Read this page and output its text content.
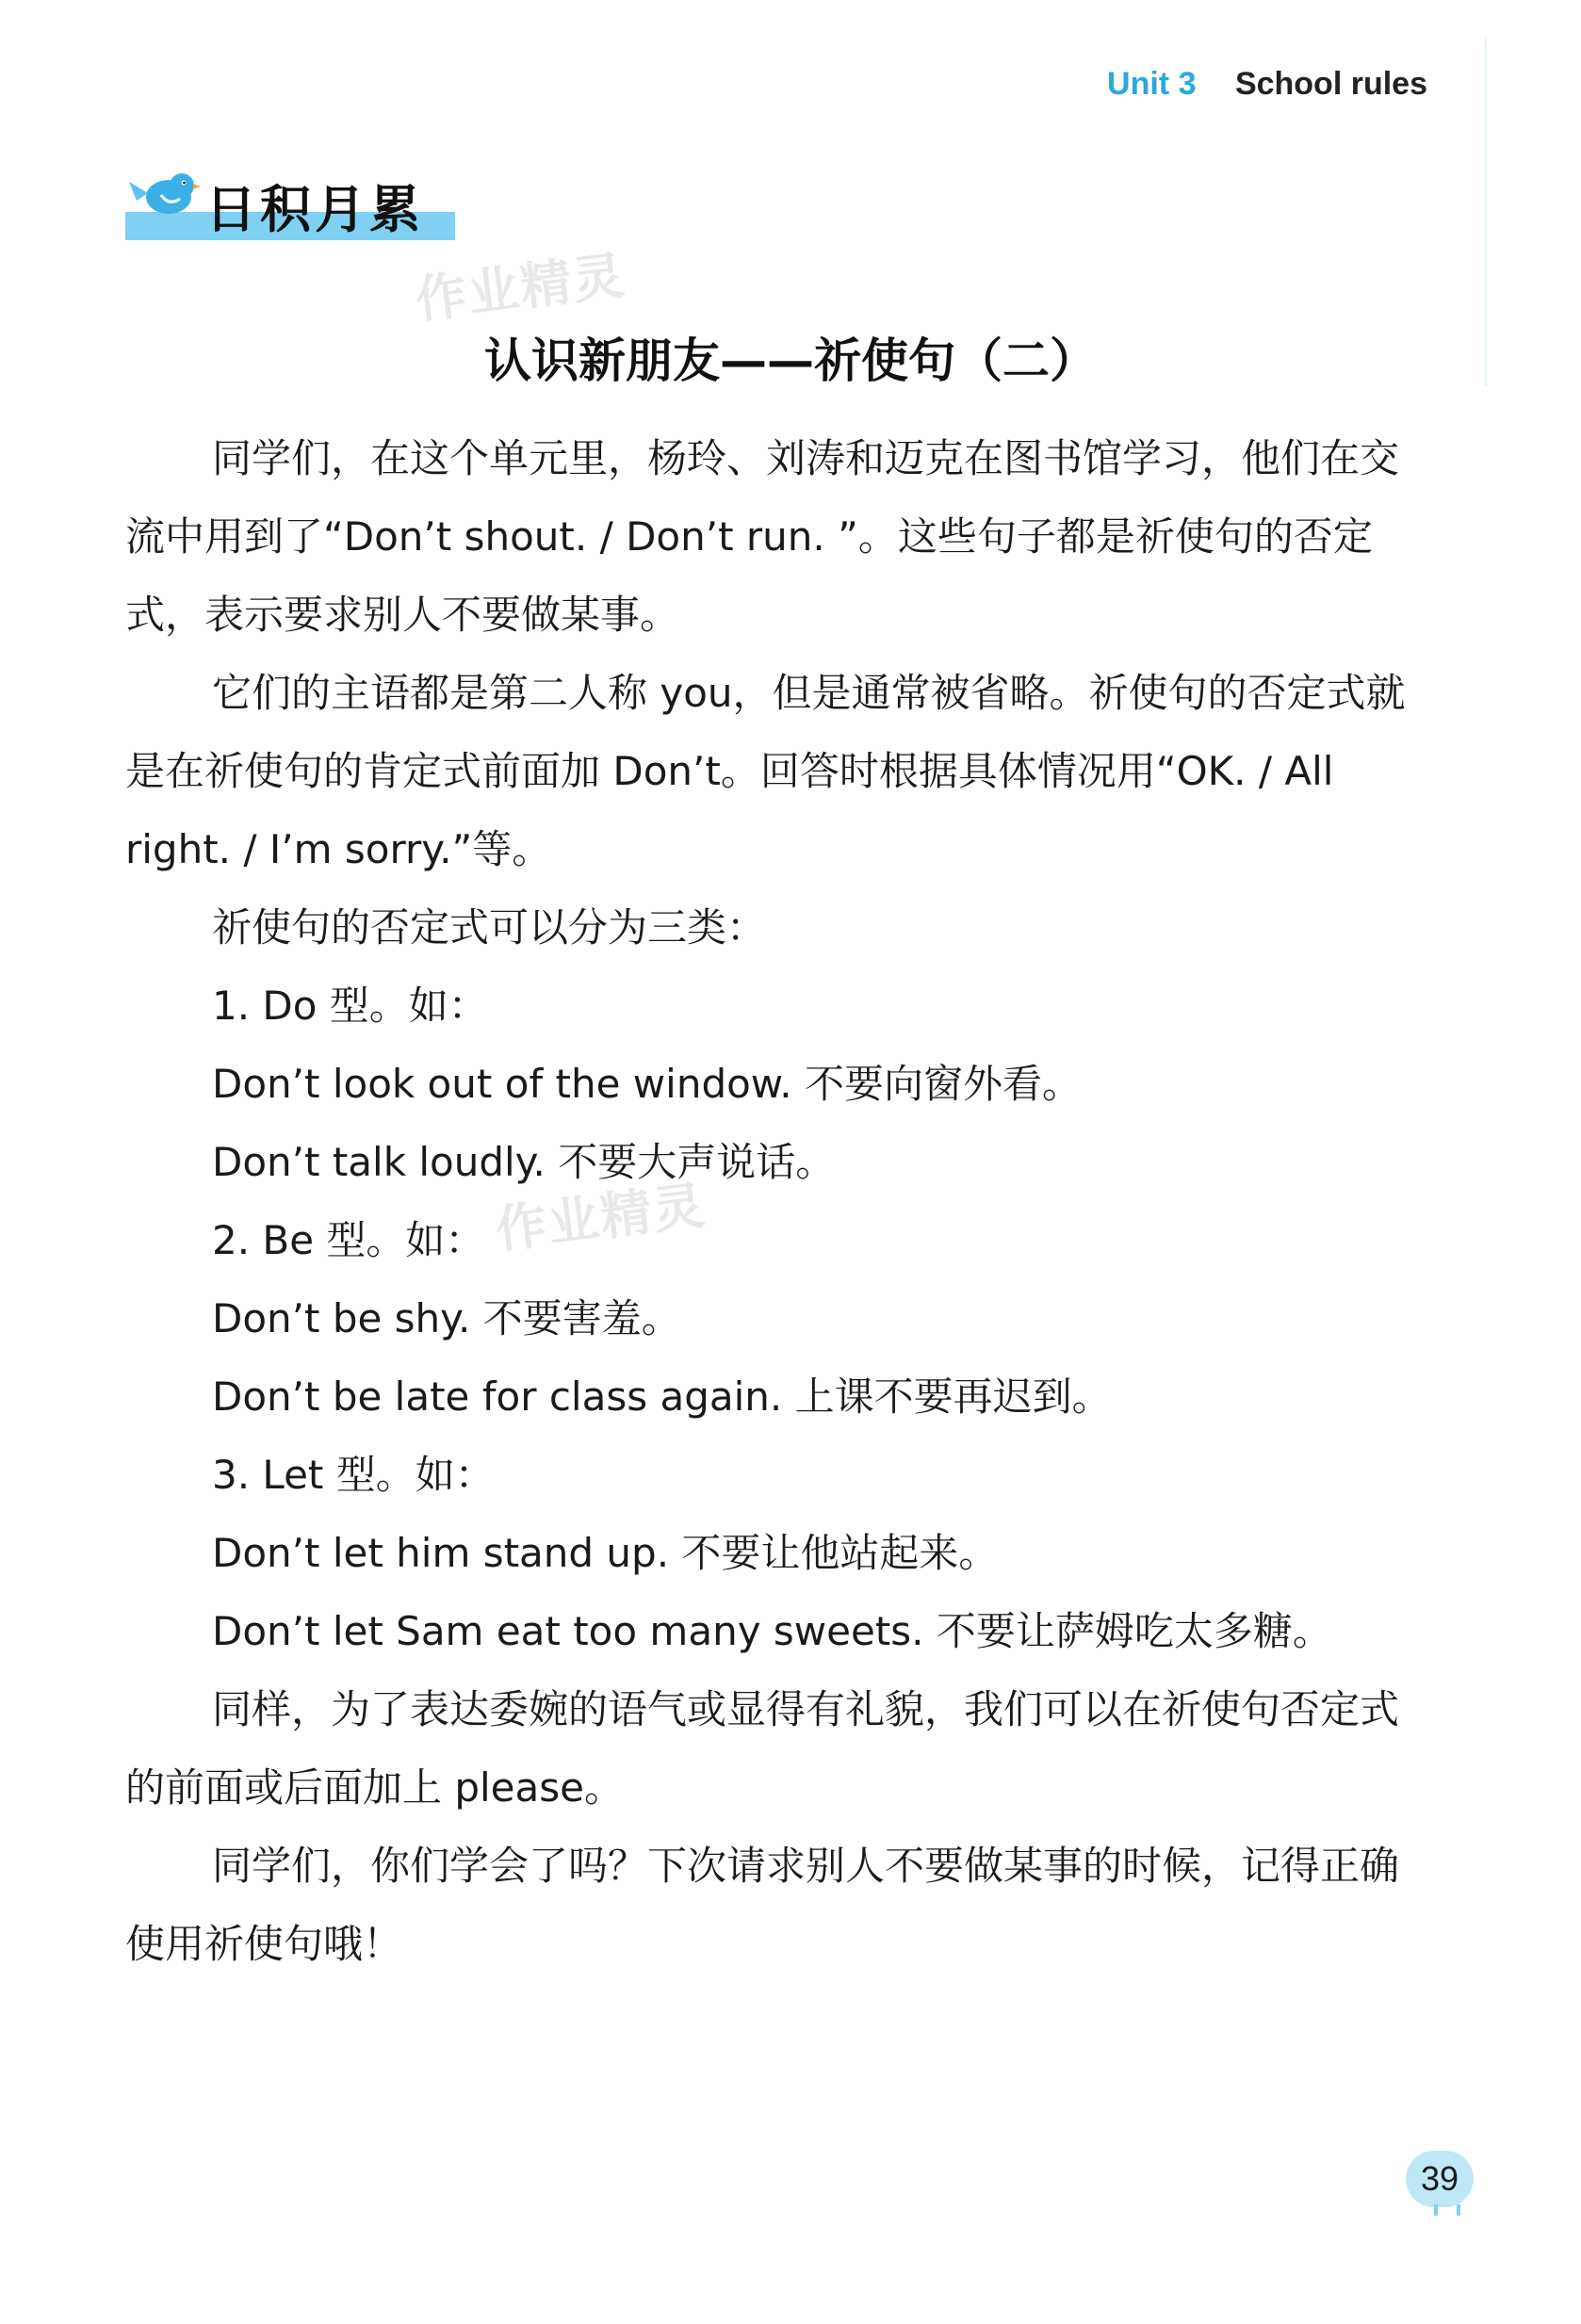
Unit 3 School rules
日积月累
作业精灵
作业精灵
认识新朋友——祈使句（二）

同学们，在这个单元里，杨玲、刘涛和迈克在图书馆学习，他们在交流中用到了“Don’t shout. / Don’t run. ”。这些句子都是祈使句的否定式，表示要求别人不要做某事。

它们的主语都是第二人称 you，但是通常被省略。祈使句的否定式就是在祈使句的肯定式前面加 Don’t。回答时根据具体情况用“OK. / All right. / I’m sorry.”等。

祈使句的否定式可以分为三类：

1. Do 型。如：

Don’t look out of the window. 不要向窗外看。

Don’t talk loudly. 不要大声说话。

2. Be 型。如：

Don’t be shy. 不要害羞。

Don’t be late for class again. 上课不要再迟到。

3. Let 型。如：

Don’t let him stand up. 不要让他站起来。

Don’t let Sam eat too many sweets. 不要让萨姆吃太多糖。

同样，为了表达委婉的语气或显得有礼貌，我们可以在祈使句否定式的前面或后面加上 please。

同学们，你们学会了吗？下次请求别人不要做某事的时候，记得正确使用祈使句哦！

39
